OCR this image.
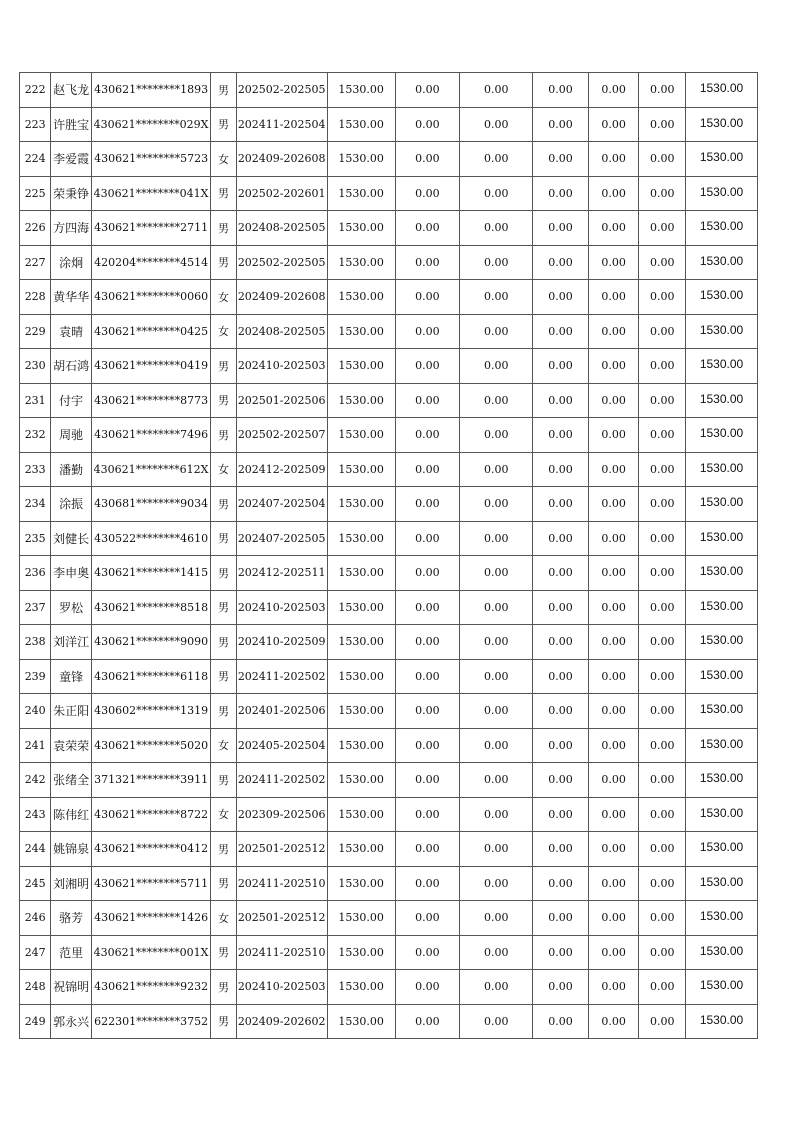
222	赵飞龙	430621********1893	男	202502-202505	1530.00	0.00	0.00	0.00	0.00	0.00	1530.00
223	许胜宝	430621********029X	男	202411-202504	1530.00	0.00	0.00	0.00	0.00	0.00	1530.00
224	李爱霞	430621********5723	女	202409-202608	1530.00	0.00	0.00	0.00	0.00	0.00	1530.00
225	荣秉铮	430621********041X	男	202502-202601	1530.00	0.00	0.00	0.00	0.00	0.00	1530.00
226	方四海	430621********2711	男	202408-202505	1530.00	0.00	0.00	0.00	0.00	0.00	1530.00
227	涂炯	420204********4514	男	202502-202505	1530.00	0.00	0.00	0.00	0.00	0.00	1530.00
228	黄华华	430621********0060	女	202409-202608	1530.00	0.00	0.00	0.00	0.00	0.00	1530.00
229	袁晴	430621********0425	女	202408-202505	1530.00	0.00	0.00	0.00	0.00	0.00	1530.00
230	胡石鸿	430621********0419	男	202410-202503	1530.00	0.00	0.00	0.00	0.00	0.00	1530.00
231	付宇	430621********8773	男	202501-202506	1530.00	0.00	0.00	0.00	0.00	0.00	1530.00
232	周驰	430621********7496	男	202502-202507	1530.00	0.00	0.00	0.00	0.00	0.00	1530.00
233	潘勤	430621********612X	女	202412-202509	1530.00	0.00	0.00	0.00	0.00	0.00	1530.00
234	涂振	430681********9034	男	202407-202504	1530.00	0.00	0.00	0.00	0.00	0.00	1530.00
235	刘健长	430522********4610	男	202407-202505	1530.00	0.00	0.00	0.00	0.00	0.00	1530.00
236	李申奥	430621********1415	男	202412-202511	1530.00	0.00	0.00	0.00	0.00	0.00	1530.00
237	罗松	430621********8518	男	202410-202503	1530.00	0.00	0.00	0.00	0.00	0.00	1530.00
238	刘洋江	430621********9090	男	202410-202509	1530.00	0.00	0.00	0.00	0.00	0.00	1530.00
239	童锋	430621********6118	男	202411-202502	1530.00	0.00	0.00	0.00	0.00	0.00	1530.00
240	朱正阳	430602********1319	男	202401-202506	1530.00	0.00	0.00	0.00	0.00	0.00	1530.00
241	袁荣荣	430621********5020	女	202405-202504	1530.00	0.00	0.00	0.00	0.00	0.00	1530.00
242	张绪全	371321********3911	男	202411-202502	1530.00	0.00	0.00	0.00	0.00	0.00	1530.00
243	陈伟红	430621********8722	女	202309-202506	1530.00	0.00	0.00	0.00	0.00	0.00	1530.00
244	姚锦泉	430621********0412	男	202501-202512	1530.00	0.00	0.00	0.00	0.00	0.00	1530.00
245	刘湘明	430621********5711	男	202411-202510	1530.00	0.00	0.00	0.00	0.00	0.00	1530.00
246	骆芳	430621********1426	女	202501-202512	1530.00	0.00	0.00	0.00	0.00	0.00	1530.00
247	范里	430621********001X	男	202411-202510	1530.00	0.00	0.00	0.00	0.00	0.00	1530.00
248	祝锦明	430621********9232	男	202410-202503	1530.00	0.00	0.00	0.00	0.00	0.00	1530.00
249	郭永兴	622301********3752	男	202409-202602	1530.00	0.00	0.00	0.00	0.00	0.00	1530.00
